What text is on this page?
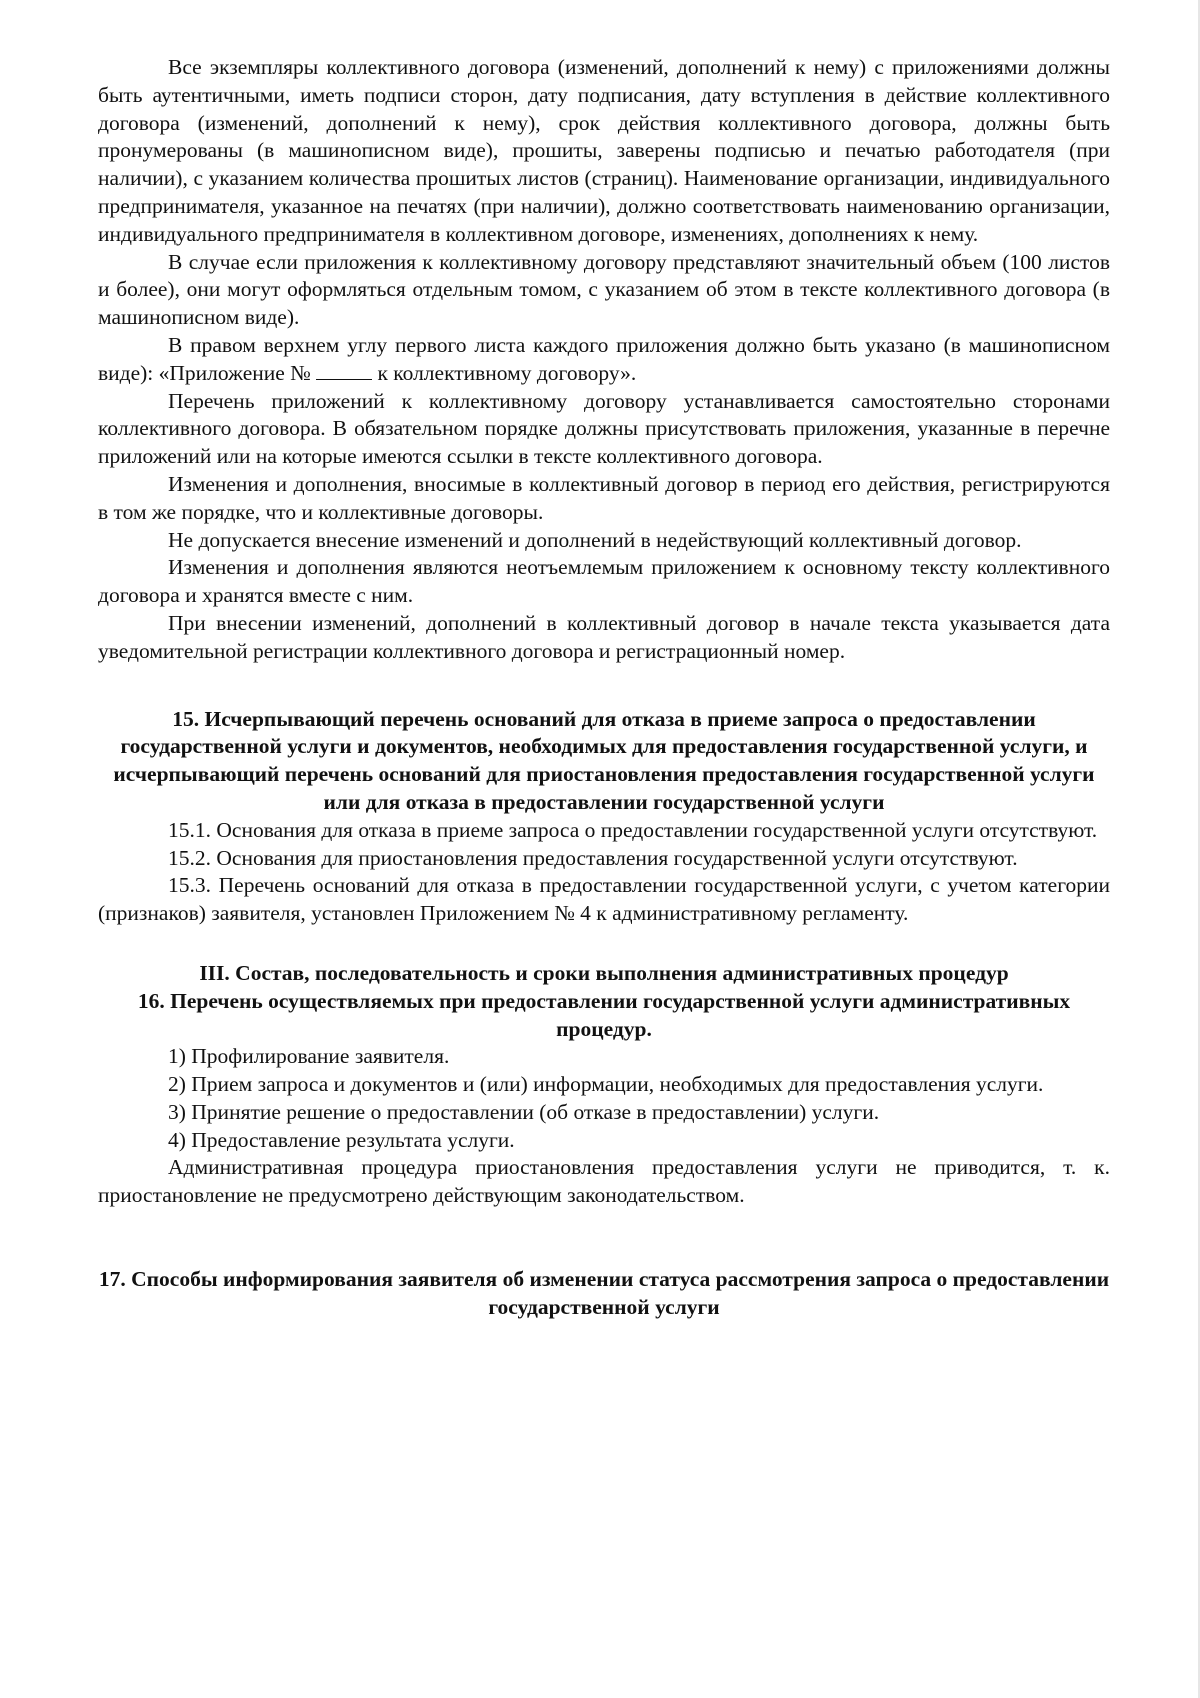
Все экземпляры коллективного договора (изменений, дополнений к нему) с приложениями должны быть аутентичными, иметь подписи сторон, дату подписания, дату вступления в действие коллективного договора (изменений, дополнений к нему), срок действия коллективного договора, должны быть пронумерованы (в машинописном виде), прошиты, заверены подписью и печатью работодателя (при наличии), с указанием количества прошитых листов (страниц). Наименование организации, индивидуального предпринимателя, указанное на печатях (при наличии), должно соответствовать наименованию организации, индивидуального предпринимателя в коллективном договоре, изменениях, дополнениях к нему.

В случае если приложения к коллективному договору представляют значительный объем (100 листов и более), они могут оформляться отдельным томом, с указанием об этом в тексте коллективного договора (в машинописном виде).

В правом верхнем углу первого листа каждого приложения должно быть указано (в машинописном виде): «Приложение №	к коллективному договору».

Перечень приложений к коллективному договору устанавливается самостоятельно сторонами коллективного договора. В обязательном порядке должны присутствовать приложения, указанные в перечне приложений или на которые имеются ссылки в тексте коллективного договора.

Изменения и дополнения, вносимые в коллективный договор в период его действия, регистрируются в том же порядке, что и коллективные договоры.

Не допускается внесение изменений и дополнений в недействующий коллективный договор.

Изменения и дополнения являются неотъемлемым приложением к основному тексту коллективного договора и хранятся вместе с ним.

При внесении изменений, дополнений в коллективный договор в начале текста указывается дата уведомительной регистрации коллективного договора и регистрационный номер.

15. Исчерпывающий перечень оснований для отказа в приеме запроса о предоставлении государственной услуги и документов, необходимых для предоставления государственной услуги, и исчерпывающий перечень оснований для приостановления предоставления государственной услуги или для отказа в предоставлении государственной услуги

15.1. Основания для отказа в приеме запроса о предоставлении государственной услуги отсутствуют.

15.2. Основания для приостановления предоставления государственной услуги отсутствуют.

15.3. Перечень оснований для отказа в предоставлении государственной услуги, с учетом категории (признаков) заявителя, установлен Приложением № 4 к административному регламенту.

III. Состав, последовательность и сроки выполнения административных процедур
16. Перечень осуществляемых при предоставлении государственной услуги административных процедур.

1) Профилирование заявителя.

2) Прием запроса и документов и (или) информации, необходимых для предоставления услуги.

3) Принятие решение о предоставлении (об отказе в предоставлении) услуги.

4) Предоставление результата услуги.

Административная процедура приостановления предоставления услуги не приводится, т. к. приостановление не предусмотрено действующим законодательством.

17. Способы информирования заявителя об изменении статуса рассмотрения запроса о предоставлении государственной услуги
